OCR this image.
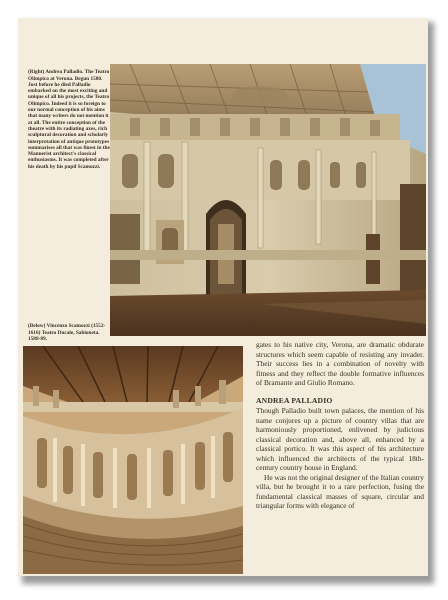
(Right) Andrea Palladio. The Teatro Olimpico at Verona. Begun 1580. Just before he died Palladio embarked on the most exciting and unique of all his projects, the Teatro Olimpico. Indeed it is so foreign to our normal conception of his aims that many writers do not mention it at all. The entire conception of the theatre with its radiating axes, rich sculptural decoration and scholarly interpretation of antique prototypes summarises all that was finest in the Mannerist architect's classical enthusiasms. It was completed after his death by his pupil Scamozzi.

(Below) Vincenzo Scamozzi (1552-1616) Teatro Ducale, Sabioneta. 1588-89.

gates to his native city, Verona, are dramatic obdurate structures which seem capable of resisting any invader. Their success lies in a combination of novelty with fitness and they reflect the double formative influences of Bramante and Giulio Romano.

ANDREA PALLADIO

Though Palladio built town palaces, the mention of his name conjures up a picture of country villas that are harmoniously proportioned, enlivened by judicious classical decoration and, above all, enhanced by a classical portico. It was this aspect of his architecture which influenced the architects of the typical 18th-century country house in England.

He was not the original designer of the Italian country villa, but he brought it to a rare perfection, fusing the fundamental classical masses of square, circular and triangular forms with elegance of
